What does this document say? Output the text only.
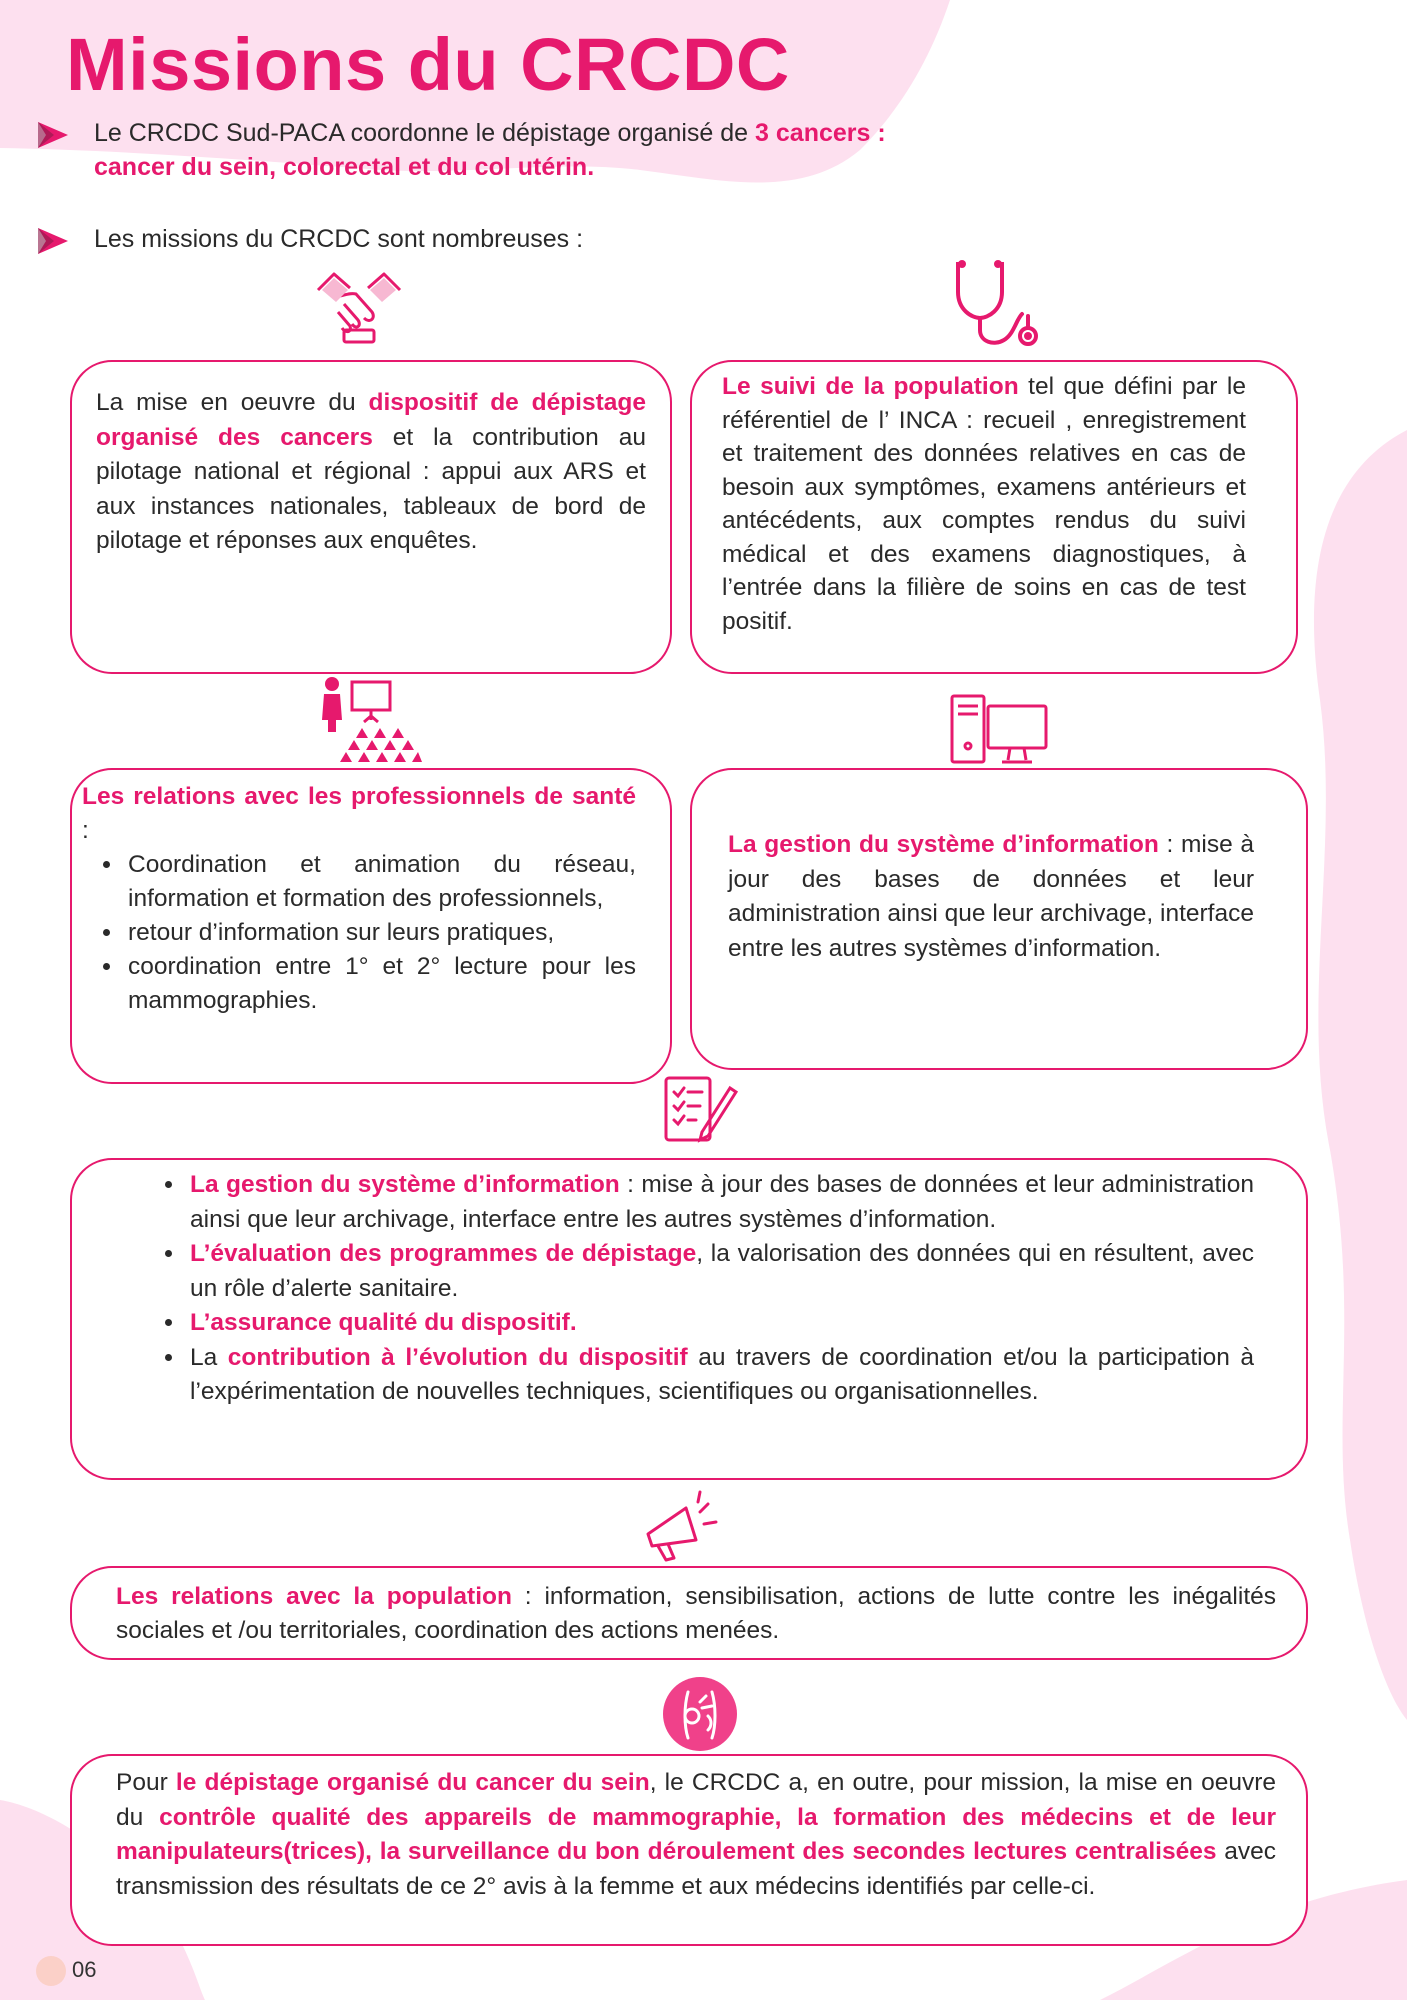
Missions du CRCDC
Le CRCDC Sud-PACA coordonne le dépistage organisé de 3 cancers :
cancer du sein, colorectal et du col utérin.
Les missions du CRCDC sont nombreuses :

La mise en oeuvre du dispositif de dépistage organisé des cancers et la contribution au pilotage national et régional : appui aux ARS et aux instances nationales, tableaux de bord de pilotage et réponses aux enquêtes.

Le suivi de la population tel que défini par le référentiel de l’ INCA : recueil , enregistrement et traitement des données relatives en cas de besoin aux symptômes, examens antérieurs et antécédents, aux comptes rendus du suivi médical et des examens diagnostiques, à l’entrée dans la filière de soins en cas de test positif.

Les relations avec les professionnels de santé :

• Coordination et animation du réseau, information et formation des professionnels,
• retour d’information sur leurs pratiques,
• coordination entre 1° et 2° lecture pour les mammographies.

La gestion du système d’information : mise à jour des bases de données et leur administration ainsi que leur archivage, interface entre les autres systèmes d’information.

• La gestion du système d’information : mise à jour des bases de données et leur administration ainsi que leur archivage, interface entre les autres systèmes d’information.
• L’évaluation des programmes de dépistage, la valorisation des données qui en résultent, avec un rôle d’alerte sanitaire.
• L’assurance qualité du dispositif.
• La contribution à l’évolution du dispositif au travers de coordination et/ou la participation à l’expérimentation de nouvelles techniques, scientifiques ou organisationnelles.

Les relations avec la population : information, sensibilisation, actions de lutte contre les inégalités sociales et /ou territoriales, coordination des actions menées.

Pour le dépistage organisé du cancer du sein, le CRCDC a, en outre, pour mission, la mise en oeuvre du contrôle qualité des appareils de mammographie, la formation des médecins et de leur manipulateurs(trices), la surveillance du bon déroulement des secondes lectures centralisées avec transmission des résultats de ce 2° avis à la femme et aux médecins identifiés par celle-ci.

06
